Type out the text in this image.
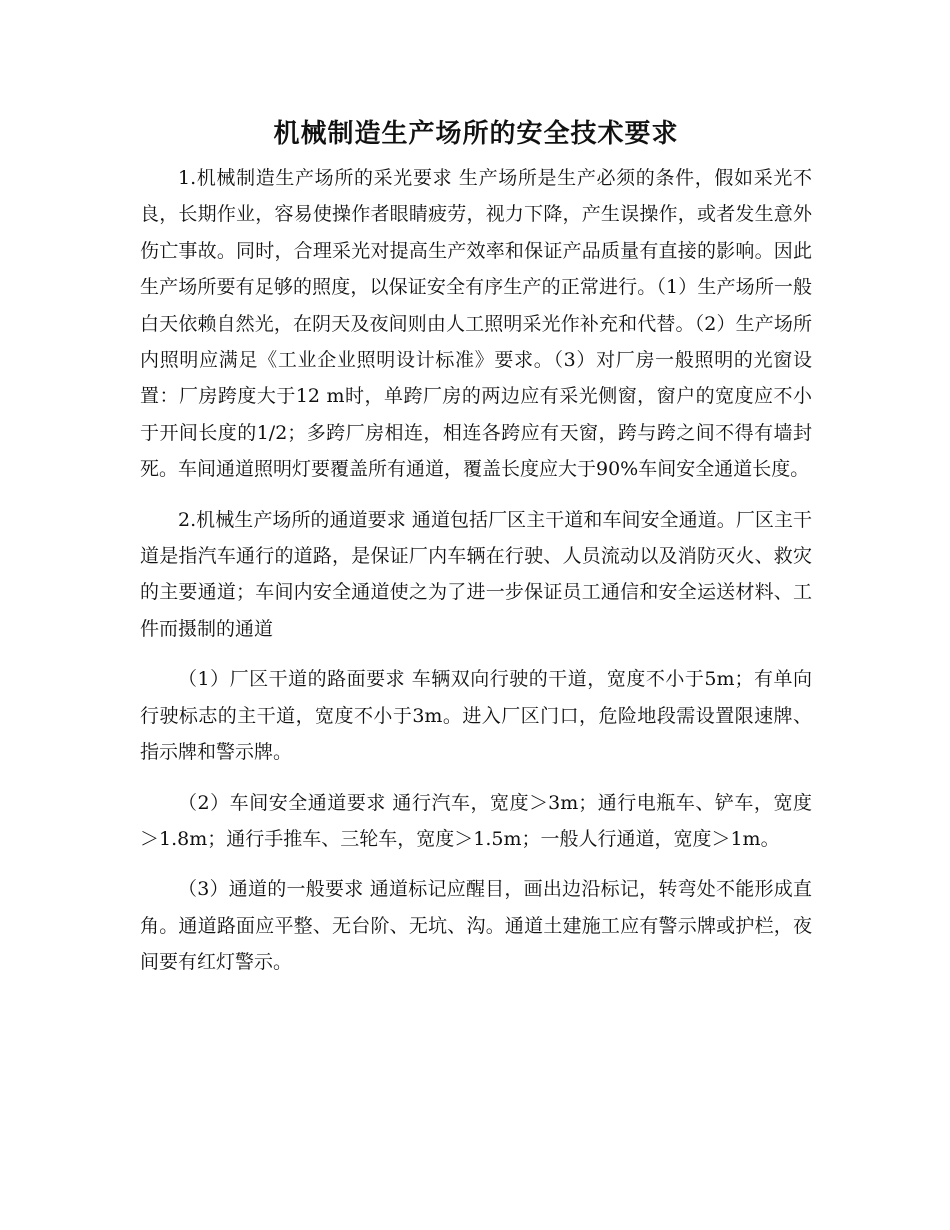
机械制造生产场所的安全技术要求

1.机械制造生产场所的采光要求 生产场所是生产必须的条件，假如采光不良，长期作业，容易使操作者眼睛疲劳，视力下降，产生误操作，或者发生意外伤亡事故。同时，合理采光对提高生产效率和保证产品质量有直接的影响。因此生产场所要有足够的照度，以保证安全有序生产的正常进行。（1）生产场所一般白天依赖自然光，在阴天及夜间则由人工照明采光作补充和代替。（2）生产场所内照明应满足《工业企业照明设计标准》要求。（3）对厂房一般照明的光窗设置：厂房跨度大于12 m时，单跨厂房的两边应有采光侧窗，窗户的宽度应不小于开间长度的1/2；多跨厂房相连，相连各跨应有天窗，跨与跨之间不得有墙封死。车间通道照明灯要覆盖所有通道，覆盖长度应大于90%车间安全通道长度。

2.机械生产场所的通道要求 通道包括厂区主干道和车间安全通道。厂区主干道是指汽车通行的道路，是保证厂内车辆在行驶、人员流动以及消防灭火、救灾的主要通道；车间内安全通道使之为了进一步保证员工通信和安全运送材料、工件而摄制的通道

（1）厂区干道的路面要求 车辆双向行驶的干道，宽度不小于5m；有单向行驶标志的主干道，宽度不小于3m。进入厂区门口，危险地段需设置限速牌、指示牌和警示牌。

（2）车间安全通道要求 通行汽车，宽度＞3m；通行电瓶车、铲车，宽度＞1.8m；通行手推车、三轮车，宽度＞1.5m；一般人行通道，宽度＞1m。

（3）通道的一般要求 通道标记应醒目，画出边沿标记，转弯处不能形成直角。通道路面应平整、无台阶、无坑、沟。通道土建施工应有警示牌或护栏，夜间要有红灯警示。
